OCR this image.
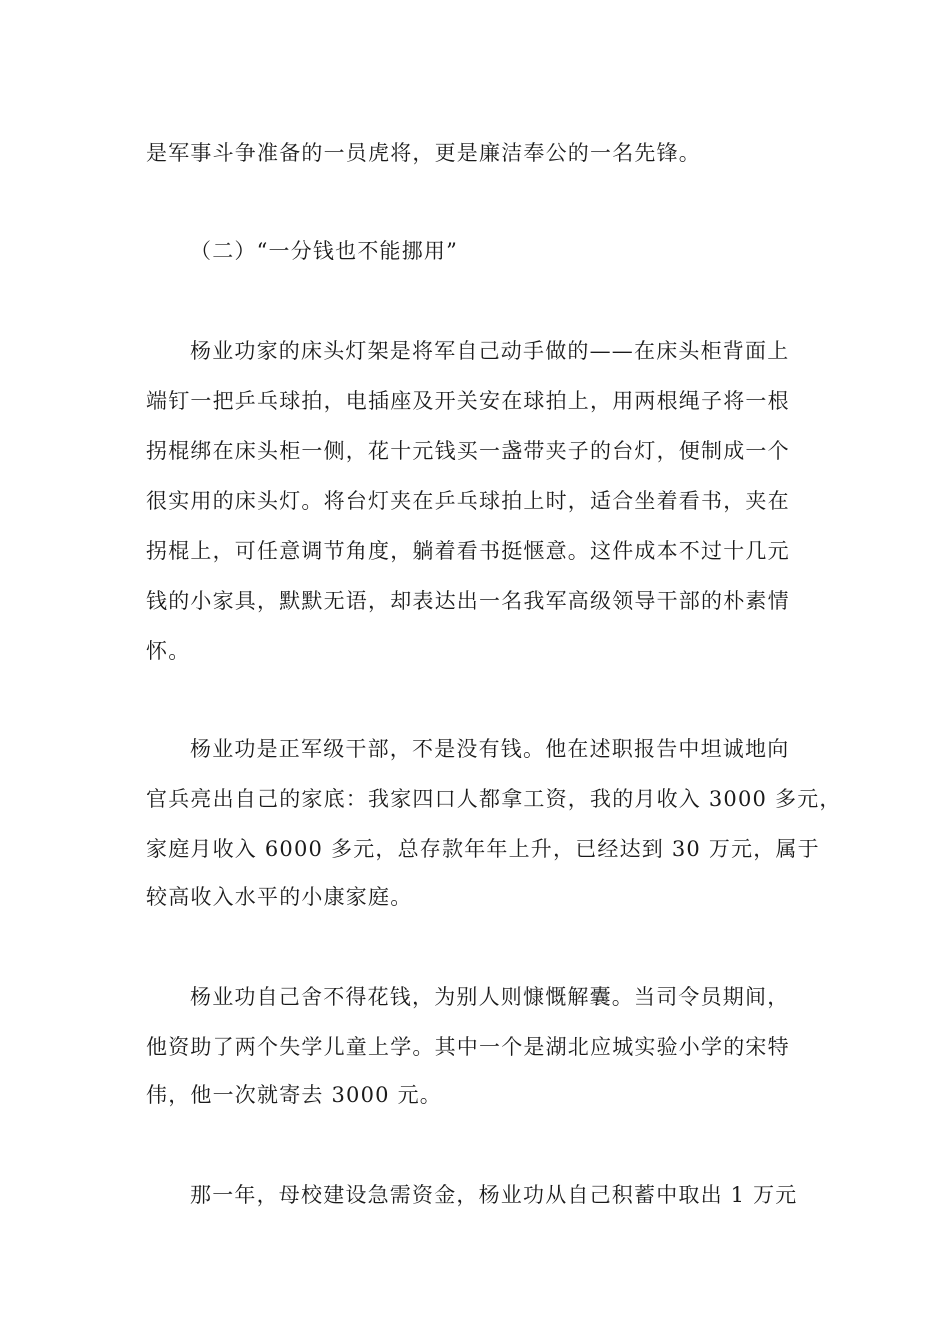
是军事斗争准备的一员虎将，更是廉洁奉公的一名先锋。
（二）“一分钱也不能挪用”
杨业功家的床头灯架是将军自己动手做的——在床头柜背面上
端钉一把乒乓球拍，电插座及开关安在球拍上，用两根绳子将一根
拐棍绑在床头柜一侧，花十元钱买一盏带夹子的台灯，便制成一个
很实用的床头灯。将台灯夹在乒乓球拍上时，适合坐着看书，夹在
拐棍上，可任意调节角度，躺着看书挺惬意。这件成本不过十几元
钱的小家具，默默无语，却表达出一名我军高级领导干部的朴素情
怀。
杨业功是正军级干部，不是没有钱。他在述职报告中坦诚地向
官兵亮出自己的家底：我家四口人都拿工资，我的月收入 3000 多元，
家庭月收入 6000 多元，总存款年年上升，已经达到 30 万元，属于
较高收入水平的小康家庭。
杨业功自己舍不得花钱，为别人则慷慨解囊。当司令员期间，
他资助了两个失学儿童上学。其中一个是湖北应城实验小学的宋特
伟，他一次就寄去 3000 元。
那一年，母校建设急需资金，杨业功从自己积蓄中取出 1 万元
